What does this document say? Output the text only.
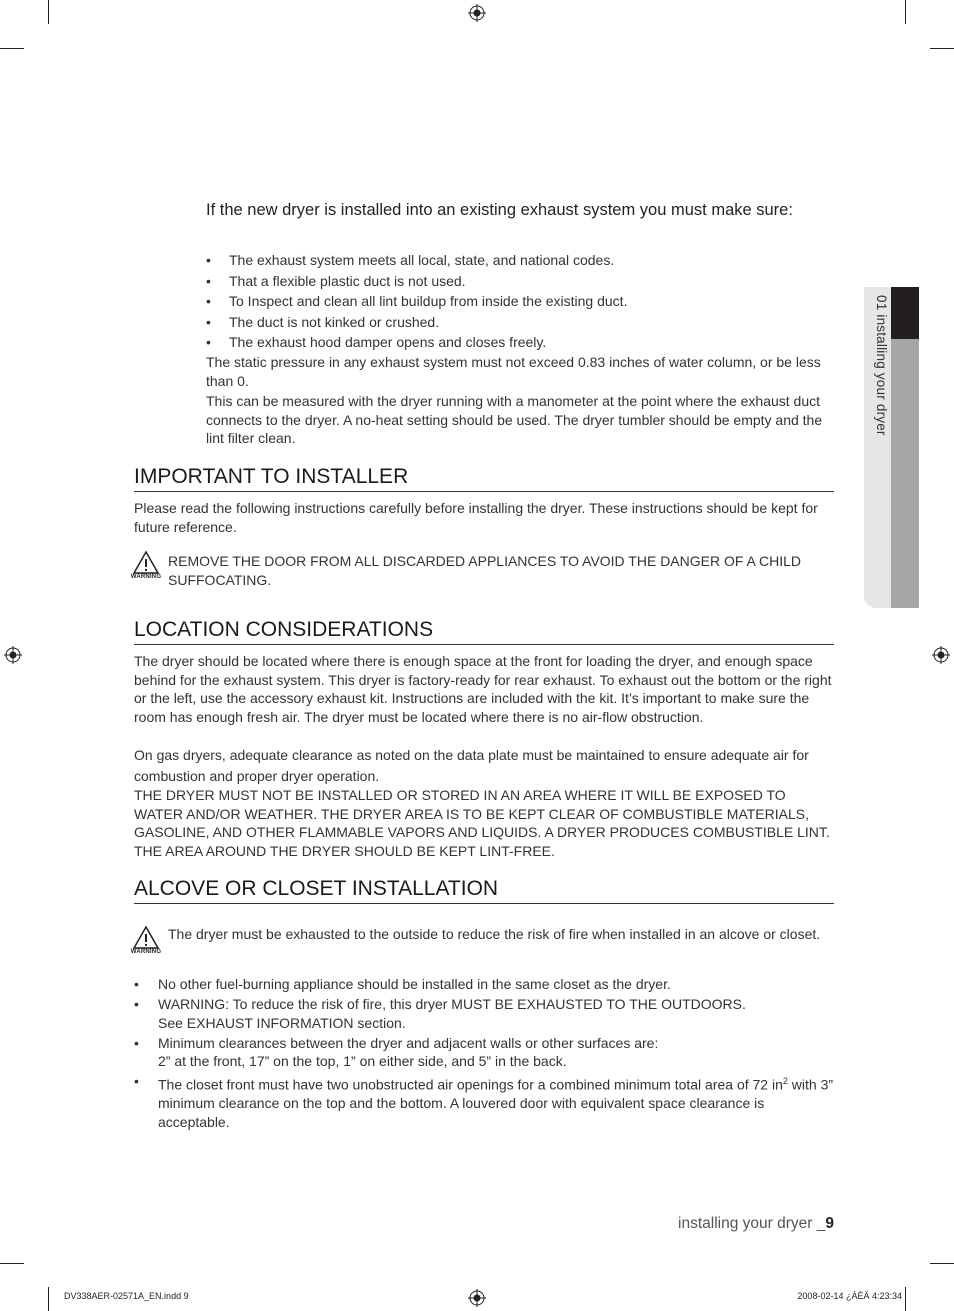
01 installing your dryer
If the new dryer is installed into an existing exhaust system you must make sure:
• The exhaust system meets all local, state, and national codes.
• That a flexible plastic duct is not used.
• To Inspect and clean all lint buildup from inside the existing duct.
• The duct is not kinked or crushed.
• The exhaust hood damper opens and closes freely.
The static pressure in any exhaust system must not exceed 0.83 inches of water column, or be less than 0.
This can be measured with the dryer running with a manometer at the point where the exhaust duct connects to the dryer. A no-heat setting should be used. The dryer tumbler should be empty and the lint filter clean.
IMPORTANT TO INSTALLER
Please read the following instructions carefully before installing the dryer. These instructions should be kept for future reference.
WARNING
REMOVE THE DOOR FROM ALL DISCARDED APPLIANCES TO AVOID THE DANGER OF A CHILD SUFFOCATING.
LOCATION CONSIDERATIONS
The dryer should be located where there is enough space at the front for loading the dryer, and enough space behind for the exhaust system. This dryer is factory-ready for rear exhaust. To exhaust out the bottom or the right or the left, use the accessory exhaust kit. Instructions are included with the kit. It’s important to make sure the room has enough fresh air. The dryer must be located where there is no air-flow obstruction.
On gas dryers, adequate clearance as noted on the data plate must be maintained to ensure adequate air for combustion and proper dryer operation.
THE DRYER MUST NOT BE INSTALLED OR STORED IN AN AREA WHERE IT WILL BE EXPOSED TO WATER AND/OR WEATHER. THE DRYER AREA IS TO BE KEPT CLEAR OF COMBUSTIBLE MATERIALS, GASOLINE, AND OTHER FLAMMABLE VAPORS AND LIQUIDS. A DRYER PRODUCES COMBUSTIBLE LINT. THE AREA AROUND THE DRYER SHOULD BE KEPT LINT-FREE.
ALCOVE OR CLOSET INSTALLATION
WARNING
The dryer must be exhausted to the outside to reduce the risk of fire when installed in an alcove or closet.
• No other fuel-burning appliance should be installed in the same closet as the dryer.
• WARNING: To reduce the risk of fire, this dryer MUST BE EXHAUSTED TO THE OUTDOORS.
See EXHAUST INFORMATION section.
• Minimum clearances between the dryer and adjacent walls or other surfaces are:
2” at the front, 17” on the top, 1” on either side, and 5” in the back.
• The closet front must have two unobstructed air openings for a combined minimum total area of 72 $in^2$ with 3” minimum clearance on the top and the bottom. A louvered door with equivalent space clearance is acceptable.
installing your dryer _9
DV338AER-02571A_EN.indd 9	2008-02-14 ¿ÀÈÄ 4:23:34
